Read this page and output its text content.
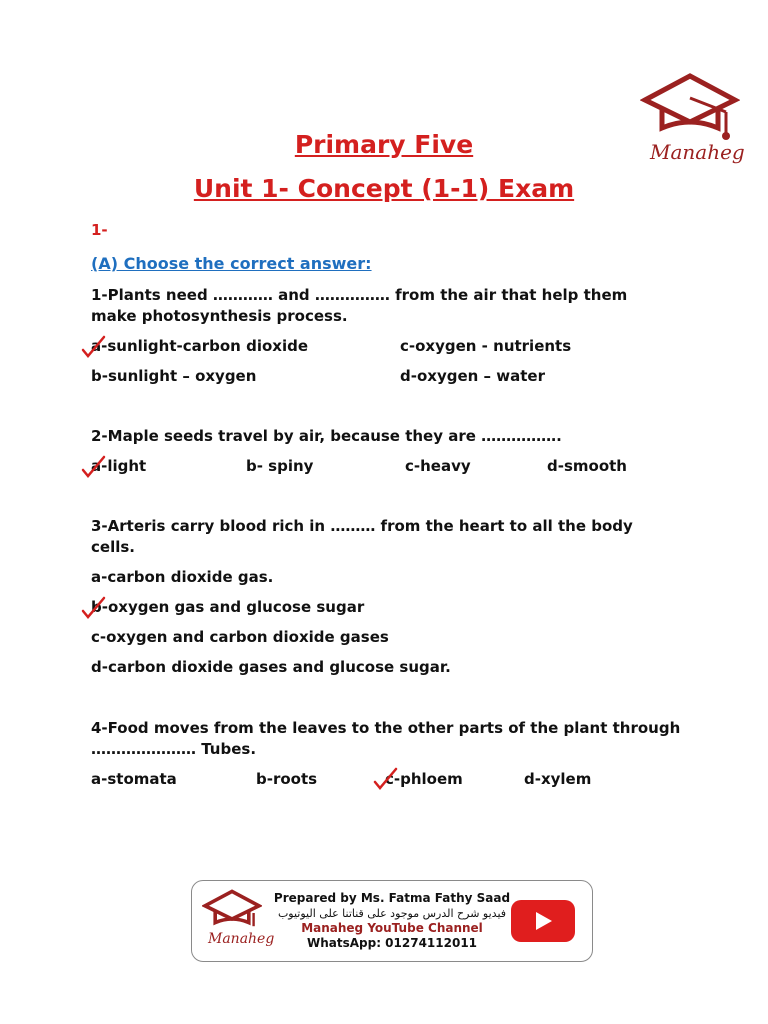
Manaheg
Primary Five
Unit 1- Concept (1-1) Exam
1-
(A) Choose the correct answer:
1-Plants need ………… and …………… from the air that help them
make photosynthesis process.
a-sunlight-carbon dioxide	c-oxygen - nutrients
b-sunlight – oxygen	d-oxygen – water
2-Maple seeds travel by air, because they are …………….
a-light	b- spiny	c-heavy	d-smooth
3-Arteris carry blood rich in ……… from the heart to all the body
cells.
a-carbon dioxide gas.
b-oxygen gas and glucose sugar
c-oxygen and carbon dioxide gases
d-carbon dioxide gases and glucose sugar.
4-Food moves from the leaves to the other parts of the plant through
………………… Tubes.
a-stomata	b-roots	c-phloem	d-xylem
Manaheg
Prepared by Ms. Fatma Fathy Saad
فيديو شرح الدرس موجود على قناتنا على اليوتيوب
Manaheg YouTube Channel
WhatsApp: 01274112011
